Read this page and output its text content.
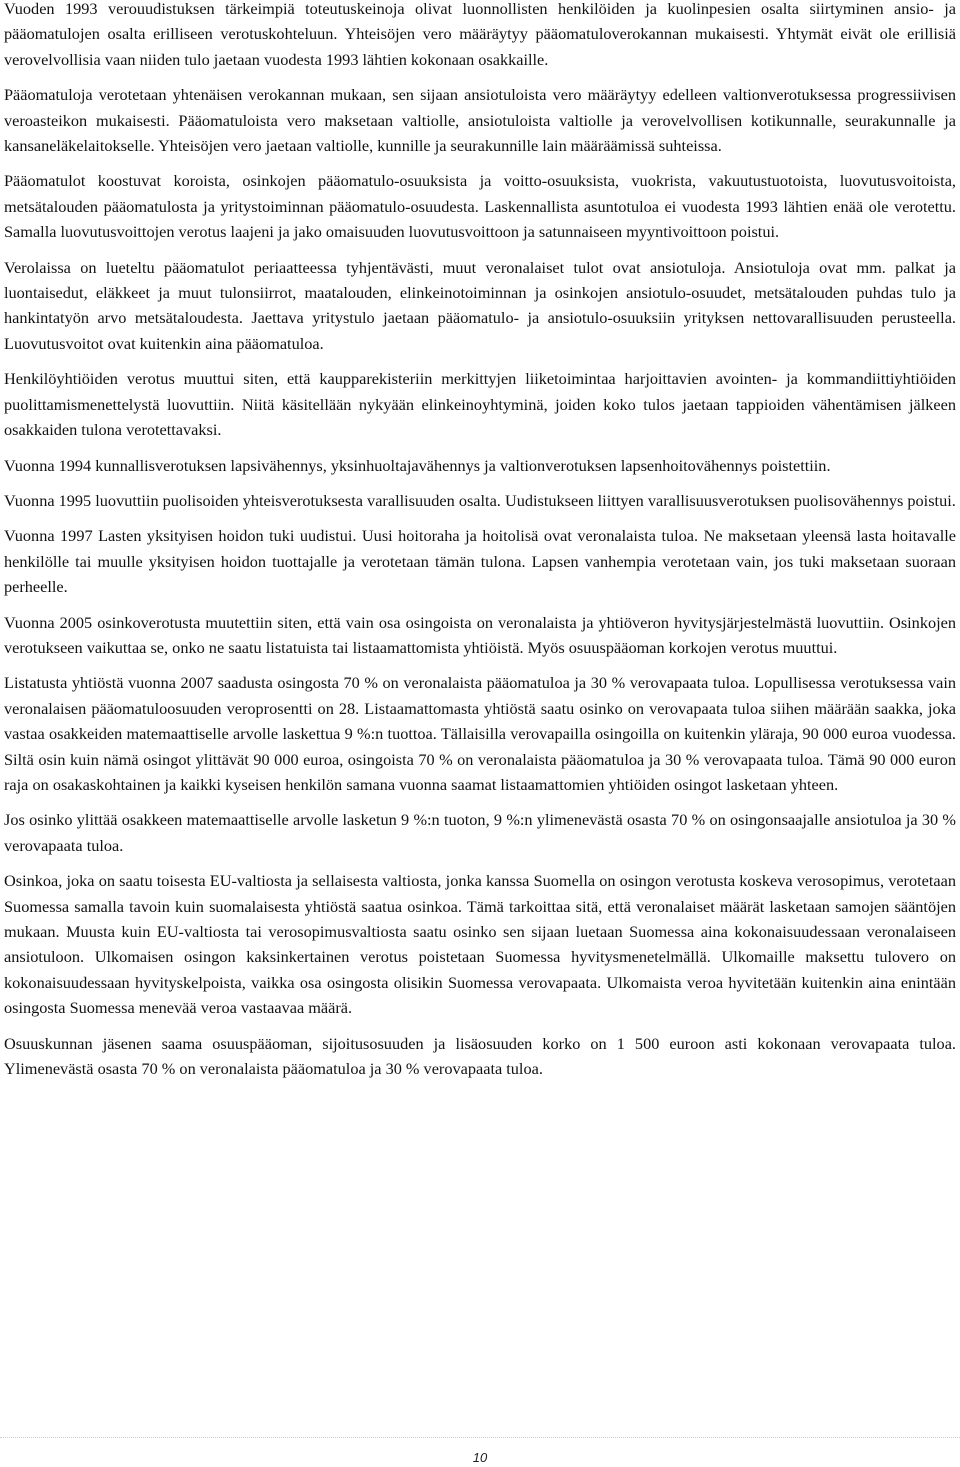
Vuoden 1993 verouudistuksen tärkeimpiä toteutuskeinoja olivat luonnollisten henkilöiden ja kuolinpesien osalta siirtyminen ansio- ja pääomatulojen osalta erilliseen verotuskohteluun. Yhteisöjen vero määräytyy pääomatuloverokannan mukaisesti. Yhtymät eivät ole erillisiä verovelvollisia vaan niiden tulo jaetaan vuodesta 1993 lähtien kokonaan osakkaille.

Pääomatuloja verotetaan yhtenäisen verokannan mukaan, sen sijaan ansiotuloista vero määräytyy edelleen valtionverotuksessa progressiivisen veroasteikon mukaisesti. Pääomatuloista vero maksetaan valtiolle, ansiotuloista valtiolle ja verovelvollisen kotikunnalle, seurakunnalle ja kansaneläkelaitokselle. Yhteisöjen vero jaetaan valtiolle, kunnille ja seurakunnille lain määräämissä suhteissa.

Pääomatulot koostuvat koroista, osinkojen pääomatulo-osuuksista ja voitto-osuuksista, vuokrista, vakuutustuotoista, luovutusvoitoista, metsätalouden pääomatulosta ja yritystoiminnan pääomatulo-osuudesta. Laskennallista asuntotuloa ei vuodesta 1993 lähtien enää ole verotettu. Samalla luovutusvoittojen verotus laajeni ja jako omaisuuden luovutusvoittoon ja satunnaiseen myyntivoittoon poistui.

Verolaissa on lueteltu pääomatulot periaatteessa tyhjentävästi, muut veronalaiset tulot ovat ansiotuloja. Ansiotuloja ovat mm. palkat ja luontaisedut, eläkkeet ja muut tulonsiirrot, maatalouden, elinkeinotoiminnan ja osinkojen ansiotulo-osuudet, metsätalouden puhdas tulo ja hankintatyön arvo metsätaloudesta. Jaettava yritystulo jaetaan pääomatulo- ja ansiotulo-osuuksiin yrityksen nettovarallisuuden perusteella. Luovutusvoitot ovat kuitenkin aina pääomatuloa.

Henkilöyhtiöiden verotus muuttui siten, että kaupparekisteriin merkittyjen liiketoimintaa harjoittavien avointen- ja kommandiittiyhtiöiden puolittamismenettelystä luovuttiin. Niitä käsitellään nykyään elinkeinoyhtyminä, joiden koko tulos jaetaan tappioiden vähentämisen jälkeen osakkaiden tulona verotettavaksi.

Vuonna 1994 kunnallisverotuksen lapsivähennys, yksinhuoltajavähennys ja valtionverotuksen lapsenhoitovähennys poistettiin.

Vuonna 1995 luovuttiin puolisoiden yhteisverotuksesta varallisuuden osalta. Uudistukseen liittyen varallisuusverotuksen puolisovähennys poistui.

Vuonna 1997 Lasten yksityisen hoidon tuki uudistui. Uusi hoitoraha ja hoitolisä ovat veronalaista tuloa. Ne maksetaan yleensä lasta hoitavalle henkilölle tai muulle yksityisen hoidon tuottajalle ja verotetaan tämän tulona. Lapsen vanhempia verotetaan vain, jos tuki maksetaan suoraan perheelle.

Vuonna 2005 osinkoverotusta muutettiin siten, että vain osa osingoista on veronalaista ja yhtiöveron hyvitysjärjestelmästä luovuttiin. Osinkojen verotukseen vaikuttaa se, onko ne saatu listatuista tai listaamattomista yhtiöistä. Myös osuuspääoman korkojen verotus muuttui.

Listatusta yhtiöstä vuonna 2007 saadusta osingosta 70 % on veronalaista pääomatuloa ja 30 % verovapaata tuloa. Lopullisessa verotuksessa vain veronalaisen pääomatuloosuuden veroprosentti on 28. Listaamattomasta yhtiöstä saatu osinko on verovapaata tuloa siihen määrään saakka, joka vastaa osakkeiden matemaattiselle arvolle laskettua 9 %:n tuottoa. Tällaisilla verovapailla osingoilla on kuitenkin yläraja, 90 000 euroa vuodessa. Siltä osin kuin nämä osingot ylittävät 90 000 euroa, osingoista 70 % on veronalaista pääomatuloa ja 30 % verovapaata tuloa. Tämä 90 000 euron raja on osakaskohtainen ja kaikki kyseisen henkilön samana vuonna saamat listaamattomien yhtiöiden osingot lasketaan yhteen.

Jos osinko ylittää osakkeen matemaattiselle arvolle lasketun 9 %:n tuoton, 9 %:n ylimenevästä osasta 70 % on osingonsaajalle ansiotuloa ja 30 % verovapaata tuloa.

Osinkoa, joka on saatu toisesta EU-valtiosta ja sellaisesta valtiosta, jonka kanssa Suomella on osingon verotusta koskeva verosopimus, verotetaan Suomessa samalla tavoin kuin suomalaisesta yhtiöstä saatua osinkoa. Tämä tarkoittaa sitä, että veronalaiset määrät lasketaan samojen sääntöjen mukaan. Muusta kuin EU-valtiosta tai verosopimusvaltiosta saatu osinko sen sijaan luetaan Suomessa aina kokonaisuudessaan veronalaiseen ansiotuloon. Ulkomaisen osingon kaksinkertainen verotus poistetaan Suomessa hyvitysmenetelmällä. Ulkomaille maksettu tulovero on kokonaisuudessaan hyvityskelpoista, vaikka osa osingosta olisikin Suomessa verovapaata. Ulkomaista veroa hyvitetään kuitenkin aina enintään osingosta Suomessa menevää veroa vastaavaa määrä.

Osuuskunnan jäsenen saama osuuspääoman, sijoitusosuuden ja lisäosuuden korko on 1 500 euroon asti kokonaan verovapaata tuloa. Ylimenevästä osasta 70 % on veronalaista pääomatuloa ja 30 % verovapaata tuloa.

10
